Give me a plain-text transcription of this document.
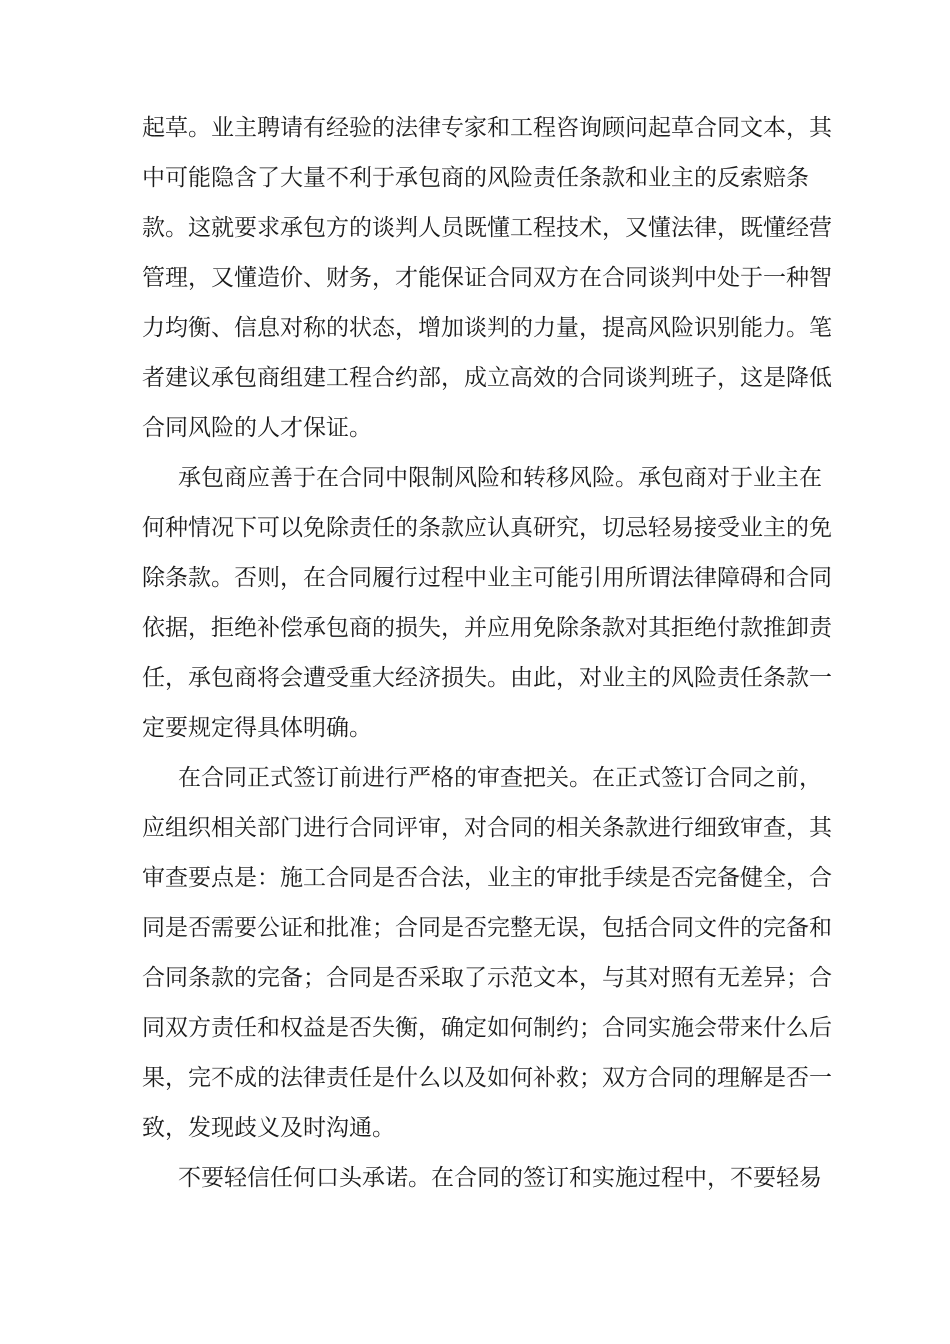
起草。业主聘请有经验的法律专家和工程咨询顾问起草合同文本，其
中可能隐含了大量不利于承包商的风险责任条款和业主的反索赔条
款。这就要求承包方的谈判人员既懂工程技术，又懂法律，既懂经营
管理，又懂造价、财务，才能保证合同双方在合同谈判中处于一种智
力均衡、信息对称的状态，增加谈判的力量，提高风险识别能力。笔
者建议承包商组建工程合约部，成立高效的合同谈判班子，这是降低
合同风险的人才保证。
承包商应善于在合同中限制风险和转移风险。承包商对于业主在
何种情况下可以免除责任的条款应认真研究，切忌轻易接受业主的免
除条款。否则，在合同履行过程中业主可能引用所谓法律障碍和合同
依据，拒绝补偿承包商的损失，并应用免除条款对其拒绝付款推卸责
任，承包商将会遭受重大经济损失。由此，对业主的风险责任条款一
定要规定得具体明确。
在合同正式签订前进行严格的审查把关。在正式签订合同之前，
应组织相关部门进行合同评审，对合同的相关条款进行细致审查，其
审查要点是：施工合同是否合法，业主的审批手续是否完备健全，合
同是否需要公证和批准；合同是否完整无误，包括合同文件的完备和
合同条款的完备；合同是否采取了示范文本，与其对照有无差异；合
同双方责任和权益是否失衡，确定如何制约；合同实施会带来什么后
果，完不成的法律责任是什么以及如何补救；双方合同的理解是否一
致，发现歧义及时沟通。
不要轻信任何口头承诺。在合同的签订和实施过程中，不要轻易
